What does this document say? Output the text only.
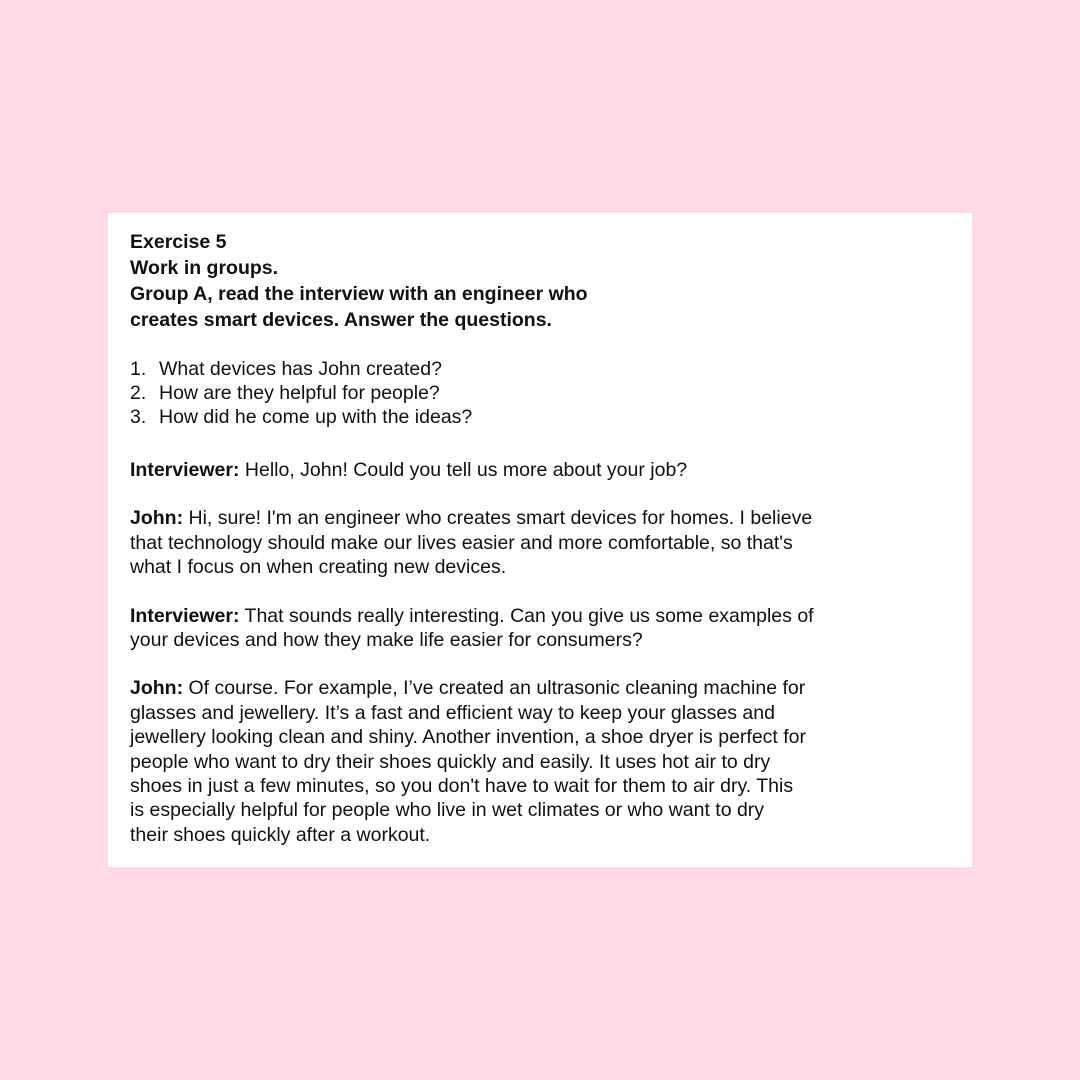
Exercise 5
Work in groups.
Group A, read the interview with an engineer who
creates smart devices. Answer the questions.
1. What devices has John created?
2. How are they helpful for people?
3. How did he come up with the ideas?

Interviewer: Hello, John! Could you tell us more about your job?

John: Hi, sure! I'm an engineer who creates smart devices for homes. I believe
that technology should make our lives easier and more comfortable, so that's
what I focus on when creating new devices.

Interviewer: That sounds really interesting. Can you give us some examples of
your devices and how they make life easier for consumers?

John: Of course. For example, I’ve created an ultrasonic cleaning machine for
glasses and jewellery. It’s a fast and efficient way to keep your glasses and
jewellery looking clean and shiny. Another invention, a shoe dryer is perfect for
people who want to dry their shoes quickly and easily. It uses hot air to dry
shoes in just a few minutes, so you don't have to wait for them to air dry. This
is especially helpful for people who live in wet climates or who want to dry
their shoes quickly after a workout.
